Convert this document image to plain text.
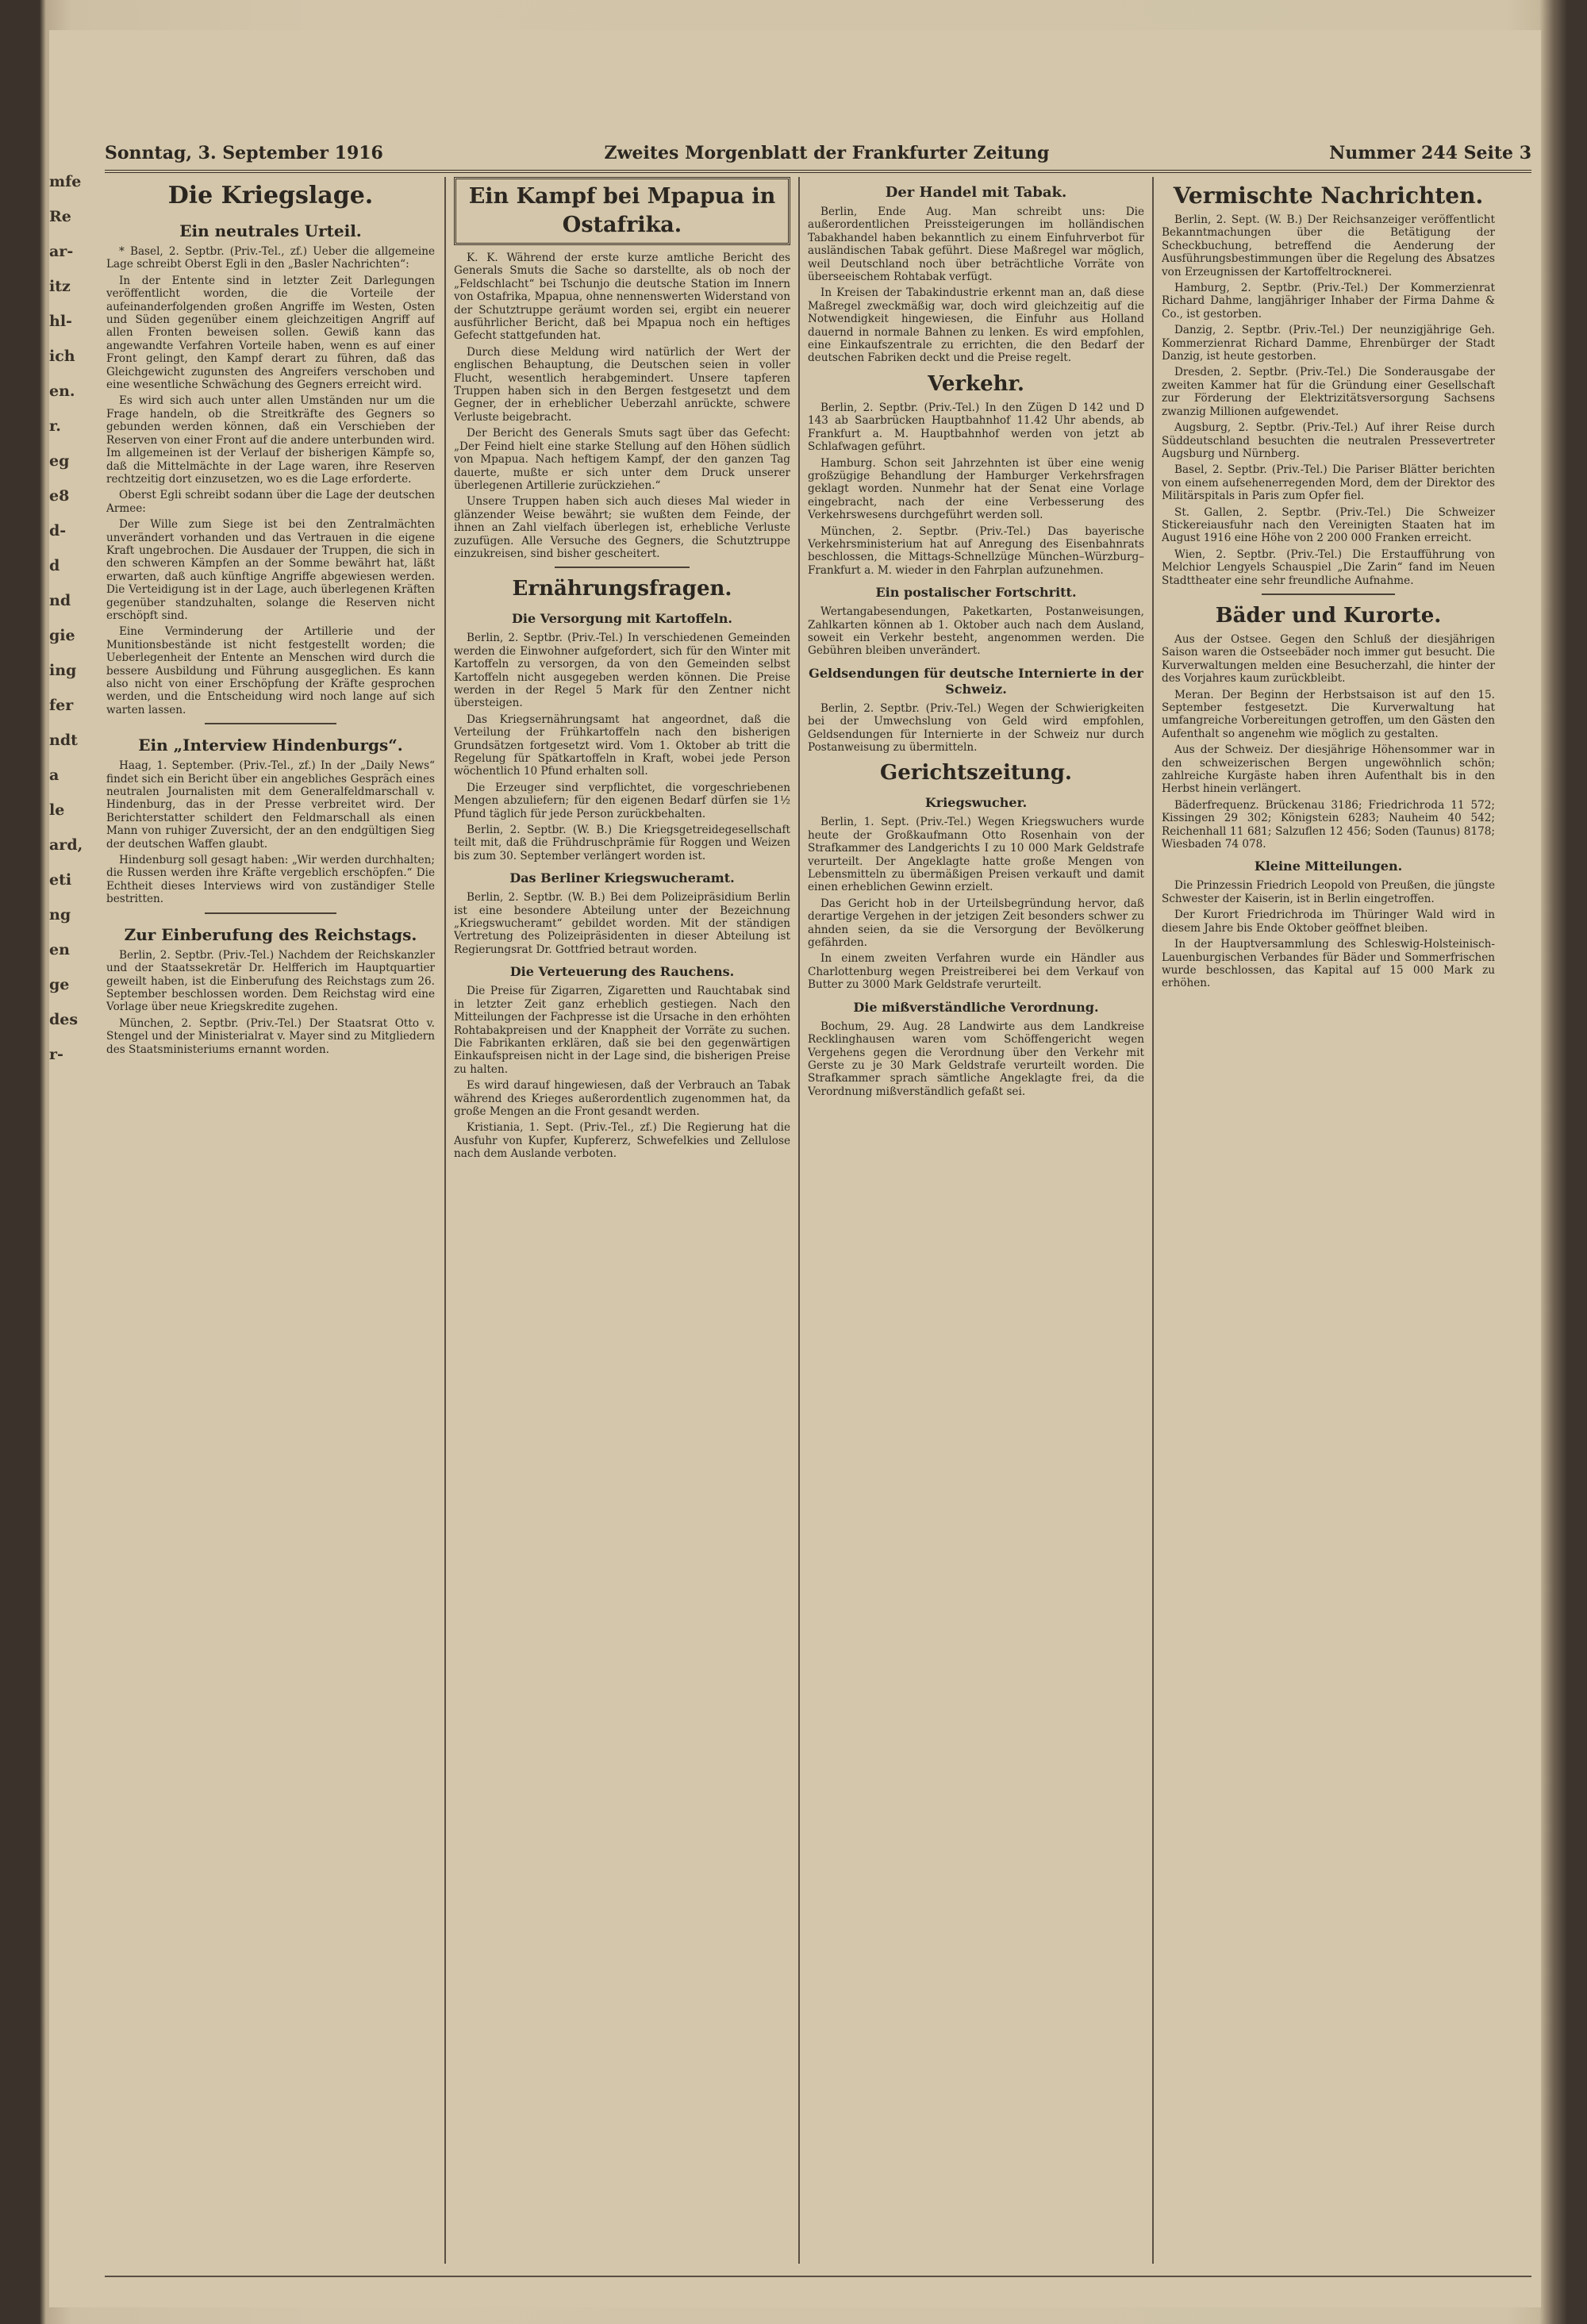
mfe
Re
ar-
itz
hl-
ich
en.
r.
eg
e8
d-
d
nd
gie
ing
fer
ndt
a
le
ard,
eti
ng
en
ge
des
r-
Sonntag, 3. September 1916	Zweites Morgenblatt der Frankfurter Zeitung	Nummer 244 Seite 3
Die Kriegslage.
Ein neutrales Urteil.

* Basel, 2. Septbr. (Priv.-Tel., zf.) Ueber die allgemeine Lage schreibt Oberst Egli in den „Basler Nachrichten“:

In der Entente sind in letzter Zeit Darlegungen veröffentlicht worden, die die Vorteile der aufeinanderfolgenden großen Angriffe im Westen, Osten und Süden gegenüber einem gleichzeitigen Angriff auf allen Fronten beweisen sollen. Gewiß kann das angewandte Verfahren Vorteile haben, wenn es auf einer Front gelingt, den Kampf derart zu führen, daß das Gleichgewicht zugunsten des Angreifers verschoben und eine wesentliche Schwächung des Gegners erreicht wird.

Es wird sich auch unter allen Umständen nur um die Frage handeln, ob die Streitkräfte des Gegners so gebunden werden können, daß ein Verschieben der Reserven von einer Front auf die andere unterbunden wird. Im allgemeinen ist der Verlauf der bisherigen Kämpfe so, daß die Mittelmächte in der Lage waren, ihre Reserven rechtzeitig dort einzusetzen, wo es die Lage erforderte.

Oberst Egli schreibt sodann über die Lage der deutschen Armee:

Der Wille zum Siege ist bei den Zentralmächten unverändert vorhanden und das Vertrauen in die eigene Kraft ungebrochen. Die Ausdauer der Truppen, die sich in den schweren Kämpfen an der Somme bewährt hat, läßt erwarten, daß auch künftige Angriffe abgewiesen werden. Die Verteidigung ist in der Lage, auch überlegenen Kräften gegenüber standzuhalten, solange die Reserven nicht erschöpft sind.

Eine Verminderung der Artillerie und der Munitionsbestände ist nicht festgestellt worden; die Ueberlegenheit der Entente an Menschen wird durch die bessere Ausbildung und Führung ausgeglichen. Es kann also nicht von einer Erschöpfung der Kräfte gesprochen werden, und die Entscheidung wird noch lange auf sich warten lassen.

Ein „Interview Hindenburgs“.

Haag, 1. September. (Priv.-Tel., zf.) In der „Daily News“ findet sich ein Bericht über ein angebliches Gespräch eines neutralen Journalisten mit dem Generalfeldmarschall v. Hindenburg, das in der Presse verbreitet wird. Der Berichterstatter schildert den Feldmarschall als einen Mann von ruhiger Zuversicht, der an den endgültigen Sieg der deutschen Waffen glaubt.

Hindenburg soll gesagt haben: „Wir werden durchhalten; die Russen werden ihre Kräfte vergeblich erschöpfen.“ Die Echtheit dieses Interviews wird von zuständiger Stelle bestritten.

Zur Einberufung des Reichstags.

Berlin, 2. Septbr. (Priv.-Tel.) Nachdem der Reichskanzler und der Staatssekretär Dr. Helfferich im Hauptquartier geweilt haben, ist die Einberufung des Reichstags zum 26. September beschlossen worden. Dem Reichstag wird eine Vorlage über neue Kriegskredite zugehen.

München, 2. Septbr. (Priv.-Tel.) Der Staatsrat Otto v. Stengel und der Ministerialrat v. Mayer sind zu Mitgliedern des Staatsministeriums ernannt worden.

Ein Kampf bei Mpapua in Ostafrika.

K. K. Während der erste kurze amtliche Bericht des Generals Smuts die Sache so darstellte, als ob noch der „Feldschlacht“ bei Tschunjo die deutsche Station im Innern von Ostafrika, Mpapua, ohne nennenswerten Widerstand von der Schutztruppe geräumt worden sei, ergibt ein neuerer ausführlicher Bericht, daß bei Mpapua noch ein heftiges Gefecht stattgefunden hat.

Durch diese Meldung wird natürlich der Wert der englischen Behauptung, die Deutschen seien in voller Flucht, wesentlich herabgemindert. Unsere tapferen Truppen haben sich in den Bergen festgesetzt und dem Gegner, der in erheblicher Ueberzahl anrückte, schwere Verluste beigebracht.

Der Bericht des Generals Smuts sagt über das Gefecht: „Der Feind hielt eine starke Stellung auf den Höhen südlich von Mpapua. Nach heftigem Kampf, der den ganzen Tag dauerte, mußte er sich unter dem Druck unserer überlegenen Artillerie zurückziehen.“

Unsere Truppen haben sich auch dieses Mal wieder in glänzender Weise bewährt; sie wußten dem Feinde, der ihnen an Zahl vielfach überlegen ist, erhebliche Verluste zuzufügen. Alle Versuche des Gegners, die Schutztruppe einzukreisen, sind bisher gescheitert.

Ernährungsfragen.
Die Versorgung mit Kartoffeln.

Berlin, 2. Septbr. (Priv.-Tel.) In verschiedenen Gemeinden werden die Einwohner aufgefordert, sich für den Winter mit Kartoffeln zu versorgen, da von den Gemeinden selbst Kartoffeln nicht ausgegeben werden können. Die Preise werden in der Regel 5 Mark für den Zentner nicht übersteigen.

Das Kriegsernährungsamt hat angeordnet, daß die Verteilung der Frühkartoffeln nach den bisherigen Grundsätzen fortgesetzt wird. Vom 1. Oktober ab tritt die Regelung für Spätkartoffeln in Kraft, wobei jede Person wöchentlich 10 Pfund erhalten soll.

Die Erzeuger sind verpflichtet, die vorgeschriebenen Mengen abzuliefern; für den eigenen Bedarf dürfen sie 1½ Pfund täglich für jede Person zurückbehalten.

Berlin, 2. Septbr. (W. B.) Die Kriegsgetreidegesellschaft teilt mit, daß die Frühdruschprämie für Roggen und Weizen bis zum 30. September verlängert worden ist.

Das Berliner Kriegswucheramt.

Berlin, 2. Septbr. (W. B.) Bei dem Polizeipräsidium Berlin ist eine besondere Abteilung unter der Bezeichnung „Kriegswucheramt“ gebildet worden. Mit der ständigen Vertretung des Polizeipräsidenten in dieser Abteilung ist Regierungsrat Dr. Gottfried betraut worden.

Die Verteuerung des Rauchens.

Die Preise für Zigarren, Zigaretten und Rauchtabak sind in letzter Zeit ganz erheblich gestiegen. Nach den Mitteilungen der Fachpresse ist die Ursache in den erhöhten Rohtabakpreisen und der Knappheit der Vorräte zu suchen. Die Fabrikanten erklären, daß sie bei den gegenwärtigen Einkaufspreisen nicht in der Lage sind, die bisherigen Preise zu halten.

Es wird darauf hingewiesen, daß der Verbrauch an Tabak während des Krieges außerordentlich zugenommen hat, da große Mengen an die Front gesandt werden.

Kristiania, 1. Sept. (Priv.-Tel., zf.) Die Regierung hat die Ausfuhr von Kupfer, Kupfererz, Schwefelkies und Zellulose nach dem Auslande verboten.

Der Handel mit Tabak.

Berlin, Ende Aug. Man schreibt uns: Die außerordentlichen Preissteigerungen im holländischen Tabakhandel haben bekanntlich zu einem Einfuhrverbot für ausländischen Tabak geführt. Diese Maßregel war möglich, weil Deutschland noch über beträchtliche Vorräte von überseeischem Rohtabak verfügt.

In Kreisen der Tabakindustrie erkennt man an, daß diese Maßregel zweckmäßig war, doch wird gleichzeitig auf die Notwendigkeit hingewiesen, die Einfuhr aus Holland dauernd in normale Bahnen zu lenken. Es wird empfohlen, eine Einkaufszentrale zu errichten, die den Bedarf der deutschen Fabriken deckt und die Preise regelt.

Verkehr.

Berlin, 2. Septbr. (Priv.-Tel.) In den Zügen D 142 und D 143 ab Saarbrücken Hauptbahnhof 11.42 Uhr abends, ab Frankfurt a. M. Hauptbahnhof werden von jetzt ab Schlafwagen geführt.

Hamburg. Schon seit Jahrzehnten ist über eine wenig großzügige Behandlung der Hamburger Verkehrsfragen geklagt worden. Nunmehr hat der Senat eine Vorlage eingebracht, nach der eine Verbesserung des Verkehrswesens durchgeführt werden soll.

München, 2. Septbr. (Priv.-Tel.) Das bayerische Verkehrsministerium hat auf Anregung des Eisenbahnrats beschlossen, die Mittags-Schnellzüge München–Würzburg–Frankfurt a. M. wieder in den Fahrplan aufzunehmen.

Ein postalischer Fortschritt.

Wertangabesendungen, Paketkarten, Postanweisungen, Zahlkarten können ab 1. Oktober auch nach dem Ausland, soweit ein Verkehr besteht, angenommen werden. Die Gebühren bleiben unverändert.

Geldsendungen für deutsche Internierte in der Schweiz.

Berlin, 2. Septbr. (Priv.-Tel.) Wegen der Schwierigkeiten bei der Umwechslung von Geld wird empfohlen, Geldsendungen für Internierte in der Schweiz nur durch Postanweisung zu übermitteln.

Gerichtszeitung.
Kriegswucher.

Berlin, 1. Sept. (Priv.-Tel.) Wegen Kriegswuchers wurde heute der Großkaufmann Otto Rosenhain von der Strafkammer des Landgerichts I zu 10 000 Mark Geldstrafe verurteilt. Der Angeklagte hatte große Mengen von Lebensmitteln zu übermäßigen Preisen verkauft und damit einen erheblichen Gewinn erzielt.

Das Gericht hob in der Urteilsbegründung hervor, daß derartige Vergehen in der jetzigen Zeit besonders schwer zu ahnden seien, da sie die Versorgung der Bevölkerung gefährden.

In einem zweiten Verfahren wurde ein Händler aus Charlottenburg wegen Preistreiberei bei dem Verkauf von Butter zu 3000 Mark Geldstrafe verurteilt.

Die mißverständliche Verordnung.

Bochum, 29. Aug. 28 Landwirte aus dem Landkreise Recklinghausen waren vom Schöffengericht wegen Vergehens gegen die Verordnung über den Verkehr mit Gerste zu je 30 Mark Geldstrafe verurteilt worden. Die Strafkammer sprach sämtliche Angeklagte frei, da die Verordnung mißverständlich gefaßt sei.

Vermischte Nachrichten.

Berlin, 2. Sept. (W. B.) Der Reichsanzeiger veröffentlicht Bekanntmachungen über die Betätigung der Scheckbuchung, betreffend die Aenderung der Ausführungsbestimmungen über die Regelung des Absatzes von Erzeugnissen der Kartoffeltrocknerei.

Hamburg, 2. Septbr. (Priv.-Tel.) Der Kommerzienrat Richard Dahme, langjähriger Inhaber der Firma Dahme & Co., ist gestorben.

Danzig, 2. Septbr. (Priv.-Tel.) Der neunzigjährige Geh. Kommerzienrat Richard Damme, Ehrenbürger der Stadt Danzig, ist heute gestorben.

Dresden, 2. Septbr. (Priv.-Tel.) Die Sonderausgabe der zweiten Kammer hat für die Gründung einer Gesellschaft zur Förderung der Elektrizitätsversorgung Sachsens zwanzig Millionen aufgewendet.

Augsburg, 2. Septbr. (Priv.-Tel.) Auf ihrer Reise durch Süddeutschland besuchten die neutralen Pressevertreter Augsburg und Nürnberg.

Basel, 2. Septbr. (Priv.-Tel.) Die Pariser Blätter berichten von einem aufsehenerregenden Mord, dem der Direktor des Militärspitals in Paris zum Opfer fiel.

St. Gallen, 2. Septbr. (Priv.-Tel.) Die Schweizer Stickereiausfuhr nach den Vereinigten Staaten hat im August 1916 eine Höhe von 2 200 000 Franken erreicht.

Wien, 2. Septbr. (Priv.-Tel.) Die Erstaufführung von Melchior Lengyels Schauspiel „Die Zarin“ fand im Neuen Stadttheater eine sehr freundliche Aufnahme.

Bäder und Kurorte.

Aus der Ostsee. Gegen den Schluß der diesjährigen Saison waren die Ostseebäder noch immer gut besucht. Die Kurverwaltungen melden eine Besucherzahl, die hinter der des Vorjahres kaum zurückbleibt.

Meran. Der Beginn der Herbstsaison ist auf den 15. September festgesetzt. Die Kurverwaltung hat umfangreiche Vorbereitungen getroffen, um den Gästen den Aufenthalt so angenehm wie möglich zu gestalten.

Aus der Schweiz. Der diesjährige Höhensommer war in den schweizerischen Bergen ungewöhnlich schön; zahlreiche Kurgäste haben ihren Aufenthalt bis in den Herbst hinein verlängert.

Bäderfrequenz. Brückenau 3186; Friedrichroda 11 572; Kissingen 29 302; Königstein 6283; Nauheim 40 542; Reichenhall 11 681; Salzuflen 12 456; Soden (Taunus) 8178; Wiesbaden 74 078.

Kleine Mitteilungen.

Die Prinzessin Friedrich Leopold von Preußen, die jüngste Schwester der Kaiserin, ist in Berlin eingetroffen.

Der Kurort Friedrichroda im Thüringer Wald wird in diesem Jahre bis Ende Oktober geöffnet bleiben.

In der Hauptversammlung des Schleswig-Holsteinisch-Lauenburgischen Verbandes für Bäder und Sommerfrischen wurde beschlossen, das Kapital auf 15 000 Mark zu erhöhen.
